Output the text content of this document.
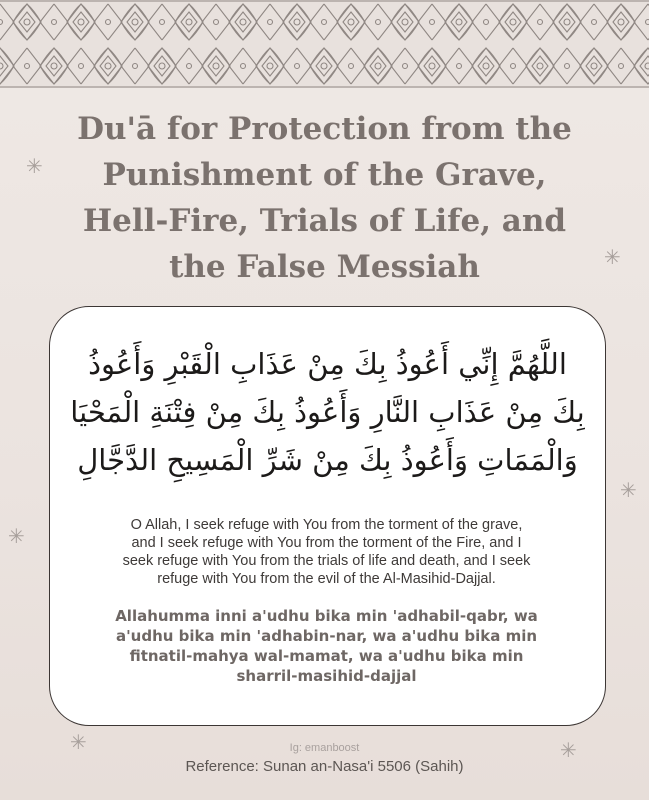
✳
✳
✳
✳
✳	✳
Du'ā for Protection from the
Punishment of the Grave,
Hell-Fire, Trials of Life, and
the False Messiah
اللَّهُمَّ إِنِّي أَعُوذُ بِكَ مِنْ عَذَابِ الْقَبْرِ وَأَعُوذُ
بِكَ مِنْ عَذَابِ النَّارِ وَأَعُوذُ بِكَ مِنْ فِتْنَةِ الْمَحْيَا
وَالْمَمَاتِ وَأَعُوذُ بِكَ مِنْ شَرِّ الْمَسِيحِ الدَّجَّالِ
O Allah, I seek refuge with You from the torment of the grave,
and I seek refuge with You from the torment of the Fire, and I
seek refuge with You from the trials of life and death, and I seek
refuge with You from the evil of the Al-Masihid-Dajjal.
Allahumma inni a'udhu bika min 'adhabil-qabr, wa
a'udhu bika min 'adhabin-nar, wa a'udhu bika min
fitnatil-mahya wal-mamat, wa a'udhu bika min
sharril-masihid-dajjal
Ig: emanboost
Reference: Sunan an-Nasa'i 5506 (Sahih)
